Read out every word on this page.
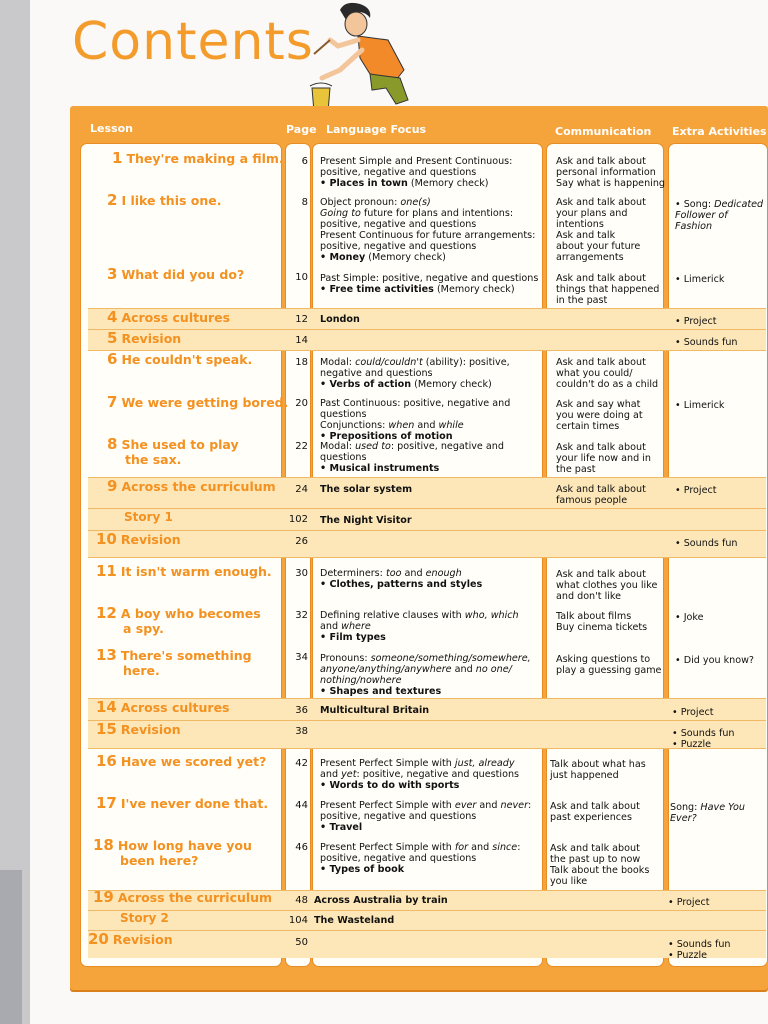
Contents
Lesson	Page Language Focus	Communication Extra Activities
1 They're making a film.
2 I like this one.
3 What did you do?
4 Across cultures
5 Revision
6 He couldn't speak.
7 We were getting bored.
8 She used to play
the sax.
9 Across the curriculum
Story 1
10 Revision
11 It isn't warm enough.
12 A boy who becomes
a spy.
13 There's something
here.
14 Across cultures
15 Revision
16 Have we scored yet?
17 I've never done that.
18 How long have you
been here?
19 Across the curriculum
Story 2
20 Revision
6
8
10
12
14
18
20
22
24
102
26
30
32
34
36
38
42
44
46
48
104
50
Present Simple and Present Continuous:
positive, negative and questions
• Places in town (Memory check)
Object pronoun: one(s)
Going to future for plans and intentions:
positive, negative and questions
Present Continuous for future arrangements:
positive, negative and questions
• Money (Memory check)
Past Simple: positive, negative and questions
• Free time activities (Memory check)
London
Modal: could/couldn't (ability): positive,
negative and questions
• Verbs of action (Memory check)
Past Continuous: positive, negative and questions
Conjunctions: when and while
• Prepositions of motion
Modal: used to: positive, negative and questions
• Musical instruments
The solar system
The Night Visitor
Determiners: too and enough
• Clothes, patterns and styles
Defining relative clauses with who, which
and where
• Film types
Pronouns: someone/something/somewhere,
anyone/anything/anywhere and no one/
nothing/nowhere
• Shapes and textures
Multicultural Britain
Present Perfect Simple with just, already
and yet: positive, negative and questions
• Words to do with sports
Present Perfect Simple with ever and never:
positive, negative and questions
• Travel
Present Perfect Simple with for and since:
positive, negative and questions
• Types of book
Across Australia by train
The Wasteland
Ask and talk about
personal information
Say what is happening
Ask and talk about
your plans and
intentions
Ask and talk
about your future
arrangements
Ask and talk about
things that happened
in the past
Ask and talk about
what you could/
couldn't do as a child
Ask and say what
you were doing at
certain times
Ask and talk about
your life now and in
the past
Ask and talk about
famous people
Ask and talk about
what clothes you like
and don't like
Talk about films
Buy cinema tickets
Asking questions to
play a guessing game
Talk about what has
just happened
Ask and talk about
past experiences
Ask and talk about
the past up to now
Talk about the books
you like
• Song: Dedicated
Follower of
Fashion
• Limerick
• Project
• Sounds fun
• Limerick
• Project
• Sounds fun
• Joke
• Did you know?
• Project
• Sounds fun
• Puzzle
Song: Have You
Ever?
• Project
• Sounds fun
• Puzzle
